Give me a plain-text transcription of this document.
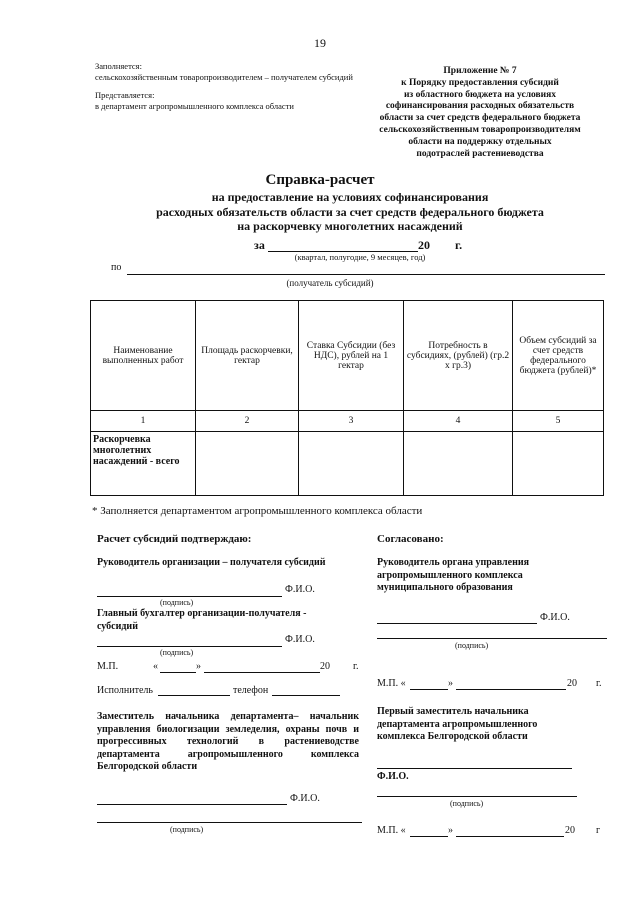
19

Заполняется:

сельскохозяйственным товаропроизводителем – получателем субсидий

Представляется:

в департамент агропромышленного комплекса области

Приложение № 7

к Порядку предоставления субсидий

из областного бюджета на условиях

софинансирования расходных обязательств

области за счет средств федерального бюджета

сельскохозяйственным товаропроизводителям

области на поддержку отдельных

подотраслей растениеводства

Справка-расчет
на предоставление на условиях софинансирования
расходных обязательств области за счет средств федерального бюджета
на раскорчевку многолетних насаждений
за	20 г.
(квартал, полугодие, 9 месяцев, год)
по
(получатель субсидий)
Наименование выполненных работ	Площадь раскорчевки, гектар	Ставка Субсидии (без НДС), рублей на 1 гектар	Потребность в субсидиях, (рублей) (гр.2 х гр.3)	Объем субсидий за счет средств федерального бюджета (рублей)*
1	2	3	4	5
Раскорчевка многолетних насаждений - всего				
* Заполняется департаментом агропромышленного комплекса области
Расчет субсидий подтверждаю:
Руководитель организации – получателя субсидий
Ф.И.О.
(подпись)
Главный бухгалтер организации-получателя - субсидий
Ф.И.О.
(подпись)
М.П.	«	»	20 г.
Исполнитель	телефон
Заместитель начальника департамента– начальник управления биологизации земледелия, охраны почв и прогрессивных технологий в растениеводстве департамента агропромышленного комплекса Белгородской области
Ф.И.О.
(подпись)
Согласовано:
Руководитель органа управления агропромышленного комплекса муниципального образования
Ф.И.О.
(подпись)
М.П. «	»	20 г.
Первый заместитель начальника департамента агропромышленного комплекса Белгородской области
Ф.И.О.
(подпись)
М.П. «	»	20 г
